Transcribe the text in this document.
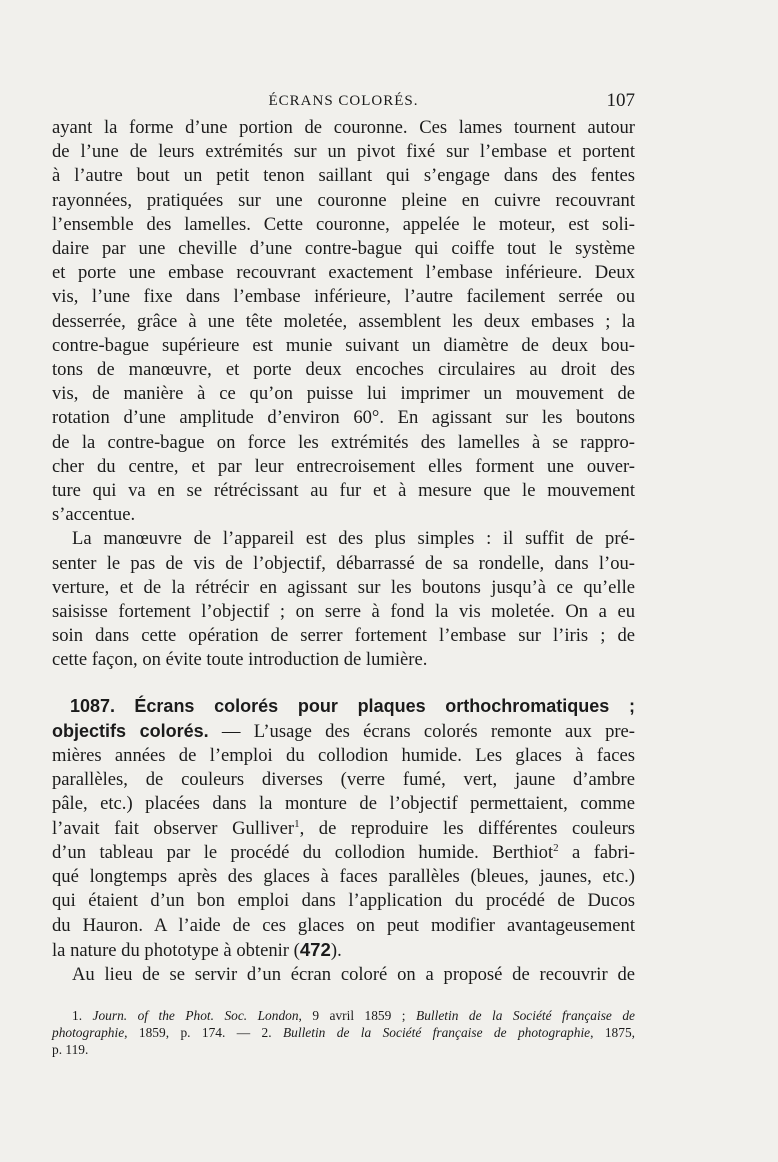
ÉCRANS COLORÉS.	107
ayant la forme d’une portion de couronne. Ces lames tournent autour
de l’une de leurs extrémités sur un pivot fixé sur l’embase et portent
à l’autre bout un petit tenon saillant qui s’engage dans des fentes
rayonnées, pratiquées sur une couronne pleine en cuivre recouvrant
l’ensemble des lamelles. Cette couronne, appelée le moteur, est soli-
daire par une cheville d’une contre-bague qui coiffe tout le système
et porte une embase recouvrant exactement l’embase inférieure. Deux
vis, l’une fixe dans l’embase inférieure, l’autre facilement serrée ou
desserrée, grâce à une tête moletée, assemblent les deux embases ; la
contre-bague supérieure est munie suivant un diamètre de deux bou-
tons de manœuvre, et porte deux encoches circulaires au droit des
vis, de manière à ce qu’on puisse lui imprimer un mouvement de
rotation d’une amplitude d’environ 60°. En agissant sur les boutons
de la contre-bague on force les extrémités des lamelles à se rappro-
cher du centre, et par leur entrecroisement elles forment une ouver-
ture qui va en se rétrécissant au fur et à mesure que le mouvement
s’accentue.
La manœuvre de l’appareil est des plus simples : il suffit de pré-
senter le pas de vis de l’objectif, débarrassé de sa rondelle, dans l’ou-
verture, et de la rétrécir en agissant sur les boutons jusqu’à ce qu’elle
saisisse fortement l’objectif ; on serre à fond la vis moletée. On a eu
soin dans cette opération de serrer fortement l’embase sur l’iris ; de
cette façon, on évite toute introduction de lumière.
1087. Écrans colorés pour plaques orthochromatiques ;
objectifs colorés. — L’usage des écrans colorés remonte aux pre-
mières années de l’emploi du collodion humide. Les glaces à faces
parallèles, de couleurs diverses (verre fumé, vert, jaune d’ambre
pâle, etc.) placées dans la monture de l’objectif permettaient, comme
l’avait fait observer Gulliver$^1$, de reproduire les différentes couleurs
d’un tableau par le procédé du collodion humide. Berthiot$^2$ a fabri-
qué longtemps après des glaces à faces parallèles (bleues, jaunes, etc.)
qui étaient d’un bon emploi dans l’application du procédé de Ducos
du Hauron. A l’aide de ces glaces on peut modifier avantageusement
la nature du phototype à obtenir (472).
Au lieu de se servir d’un écran coloré on a proposé de recouvrir de
1. Journ. of the Phot. Soc. London, 9 avril 1859 ; Bulletin de la Société française de
photographie, 1859, p. 174. — 2. Bulletin de la Société française de photographie, 1875,
p. 119.
